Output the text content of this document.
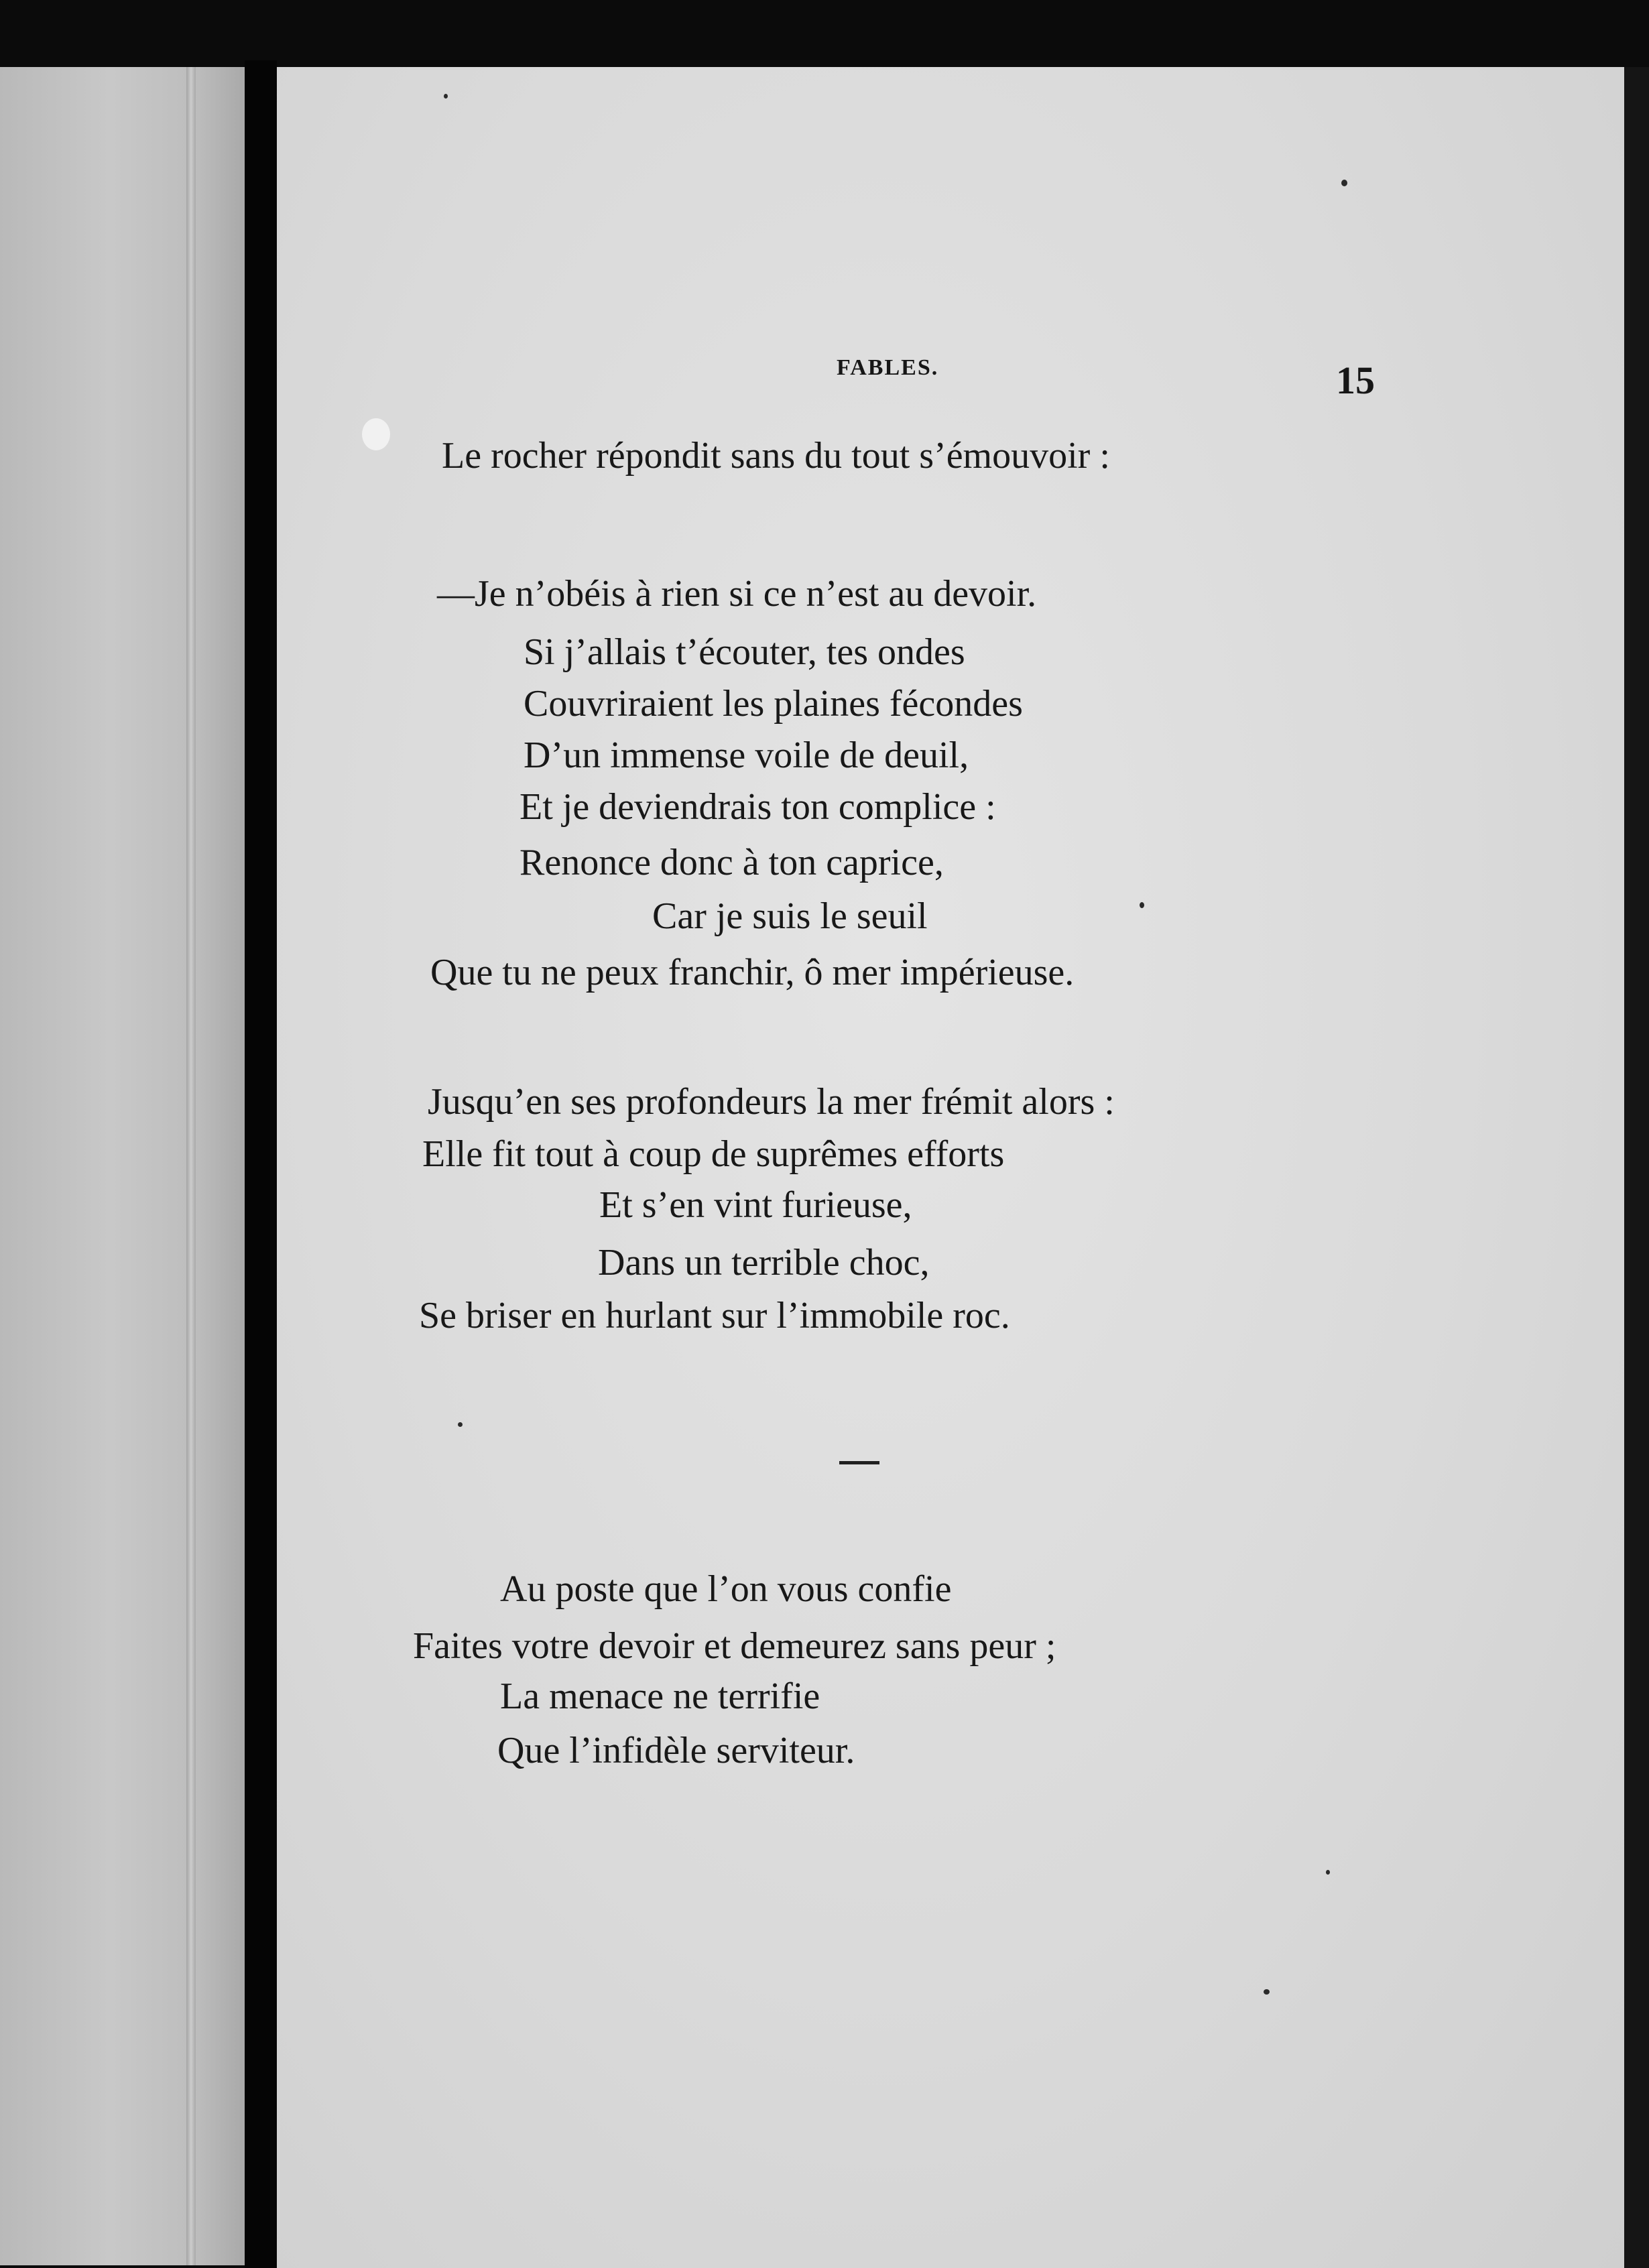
FABLES.	15
Le rocher répondit sans du tout s’émouvoir :
—Je n’obéis à rien si ce n’est au devoir.
Si j’allais t’écouter, tes ondes
Couvriraient les plaines fécondes
D’un immense voile de deuil,
Et je deviendrais ton complice :
Renonce donc à ton caprice,
Car je suis le seuil
Que tu ne peux franchir, ô mer impérieuse.
Jusqu’en ses profondeurs la mer frémit alors :
Elle fit tout à coup de suprêmes efforts
Et s’en vint furieuse,
Dans un terrible choc,
Se briser en hurlant sur l’immobile roc.
Au poste que l’on vous confie
Faites votre devoir et demeurez sans peur ;
La menace ne terrifie
Que l’infidèle serviteur.
